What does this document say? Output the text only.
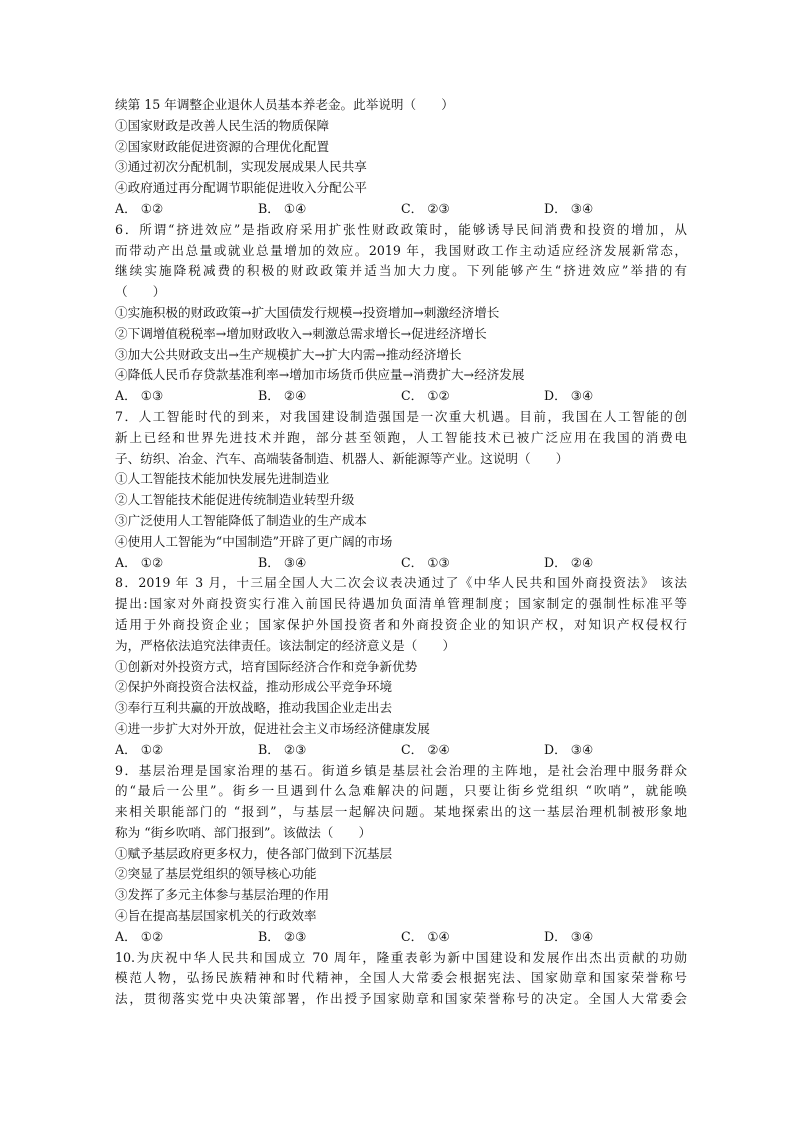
续第 15 年调整企业退休人员基本养老金。此举说明（　　）
①国家财政是改善人民生活的物质保障
②国家财政能促进资源的合理优化配置
③通过初次分配机制，实现发展成果人民共享
④政府通过再分配调节职能促进收入分配公平
A． ①②	B． ①④	C． ②③	D． ③④
6．所谓“挤进效应”是指政府采用扩张性财政政策时，能够诱导民间消费和投资的增加，从
而带动产出总量或就业总量增加的效应。2019 年，我国财政工作主动适应经济发展新常态，
继续实施降税减费的积极的财政政策并适当加大力度。下列能够产生“挤进效应”举措的有
（　　）
①实施积极的财政政策→扩大国债发行规模→投资增加→刺激经济增长
②下调增值税税率→增加财政收入→刺激总需求增长→促进经济增长
③加大公共财政支出→生产规模扩大→扩大内需→推动经济增长
④降低人民币存贷款基准利率→增加市场货币供应量→消费扩大→经济发展
A． ①③	B． ②④	C． ①②	D． ③④
7．人工智能时代的到来，对我国建设制造强国是一次重大机遇。目前，我国在人工智能的创
新上已经和世界先进技术并跑，部分甚至领跑，人工智能技术已被广泛应用在我国的消费电
子、纺织、冶金、汽车、高端装备制造、机器人、新能源等产业。这说明（　　）
①人工智能技术能加快发展先进制造业
②人工智能技术能促进传统制造业转型升级
③广泛使用人工智能降低了制造业的生产成本
④使用人工智能为“中国制造”开辟了更广阔的市场
A． ①②	B． ③④	C． ①③	D． ②④
8．2019 年 3 月，十三届全国人大二次会议表决通过了《中华人民共和国外商投资法》 该法
提出:国家对外商投资实行准入前国民待遇加负面清单管理制度；国家制定的强制性标准平等
适用于外商投资企业；国家保护外国投资者和外商投资企业的知识产权，对知识产权侵权行
为，严格依法追究法律责任。该法制定的经济意义是（　　）
①创新对外投资方式，培育国际经济合作和竞争新优势
②保护外商投资合法权益，推动形成公平竞争环境
③奉行互利共赢的开放战略，推动我国企业走出去
④进一步扩大对外开放，促进社会主义市场经济健康发展
A． ①②	B． ②③	C． ②④	D． ③④
9．基层治理是国家治理的基石。街道乡镇是基层社会治理的主阵地，是社会治理中服务群众
的“最后一公里”。街乡一旦遇到什么急难解决的问题，只要让街乡党组织 “吹哨”，就能唤
来相关职能部门的 “报到”，与基层一起解决问题。某地探索出的这一基层治理机制被形象地
称为 “街乡吹哨、部门报到”。该做法（　　）
①赋予基层政府更多权力，使各部门做到下沉基层
②突显了基层党组织的领导核心功能
③发挥了多元主体参与基层治理的作用
④旨在提高基层国家机关的行政效率
A． ①②	B． ②③	C． ①④	D． ③④
10.为庆祝中华人民共和国成立 70 周年，隆重表彰为新中国建设和发展作出杰出贡献的功勋
模范人物，弘扬民族精神和时代精神，全国人大常委会根据宪法、国家勋章和国家荣誉称号
法，贯彻落实党中央决策部署，作出授予国家勋章和国家荣誉称号的决定。全国人大常委会
